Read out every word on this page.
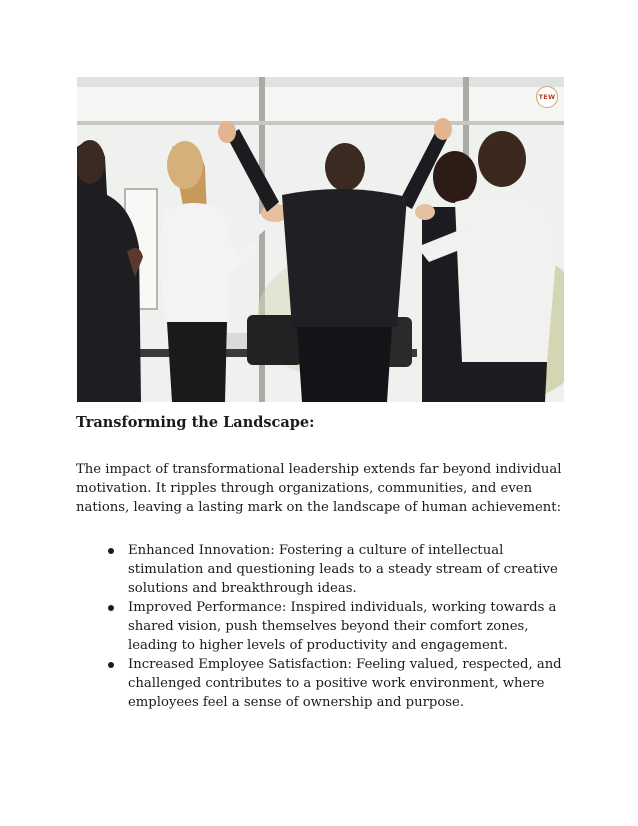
TEW
Transforming the Landscape:

The impact of transformational leadership extends far beyond individual motivation. It ripples through organizations, communities, and even nations, leaving a lasting mark on the landscape of human achievement:

Enhanced Innovation: Fostering a culture of intellectual stimulation and questioning leads to a steady stream of creative solutions and breakthrough ideas.
Improved Performance: Inspired individuals, working towards a shared vision, push themselves beyond their comfort zones, leading to higher levels of productivity and engagement.
Increased Employee Satisfaction: Feeling valued, respected, and challenged contributes to a positive work environment, where employees feel a sense of ownership and purpose.
